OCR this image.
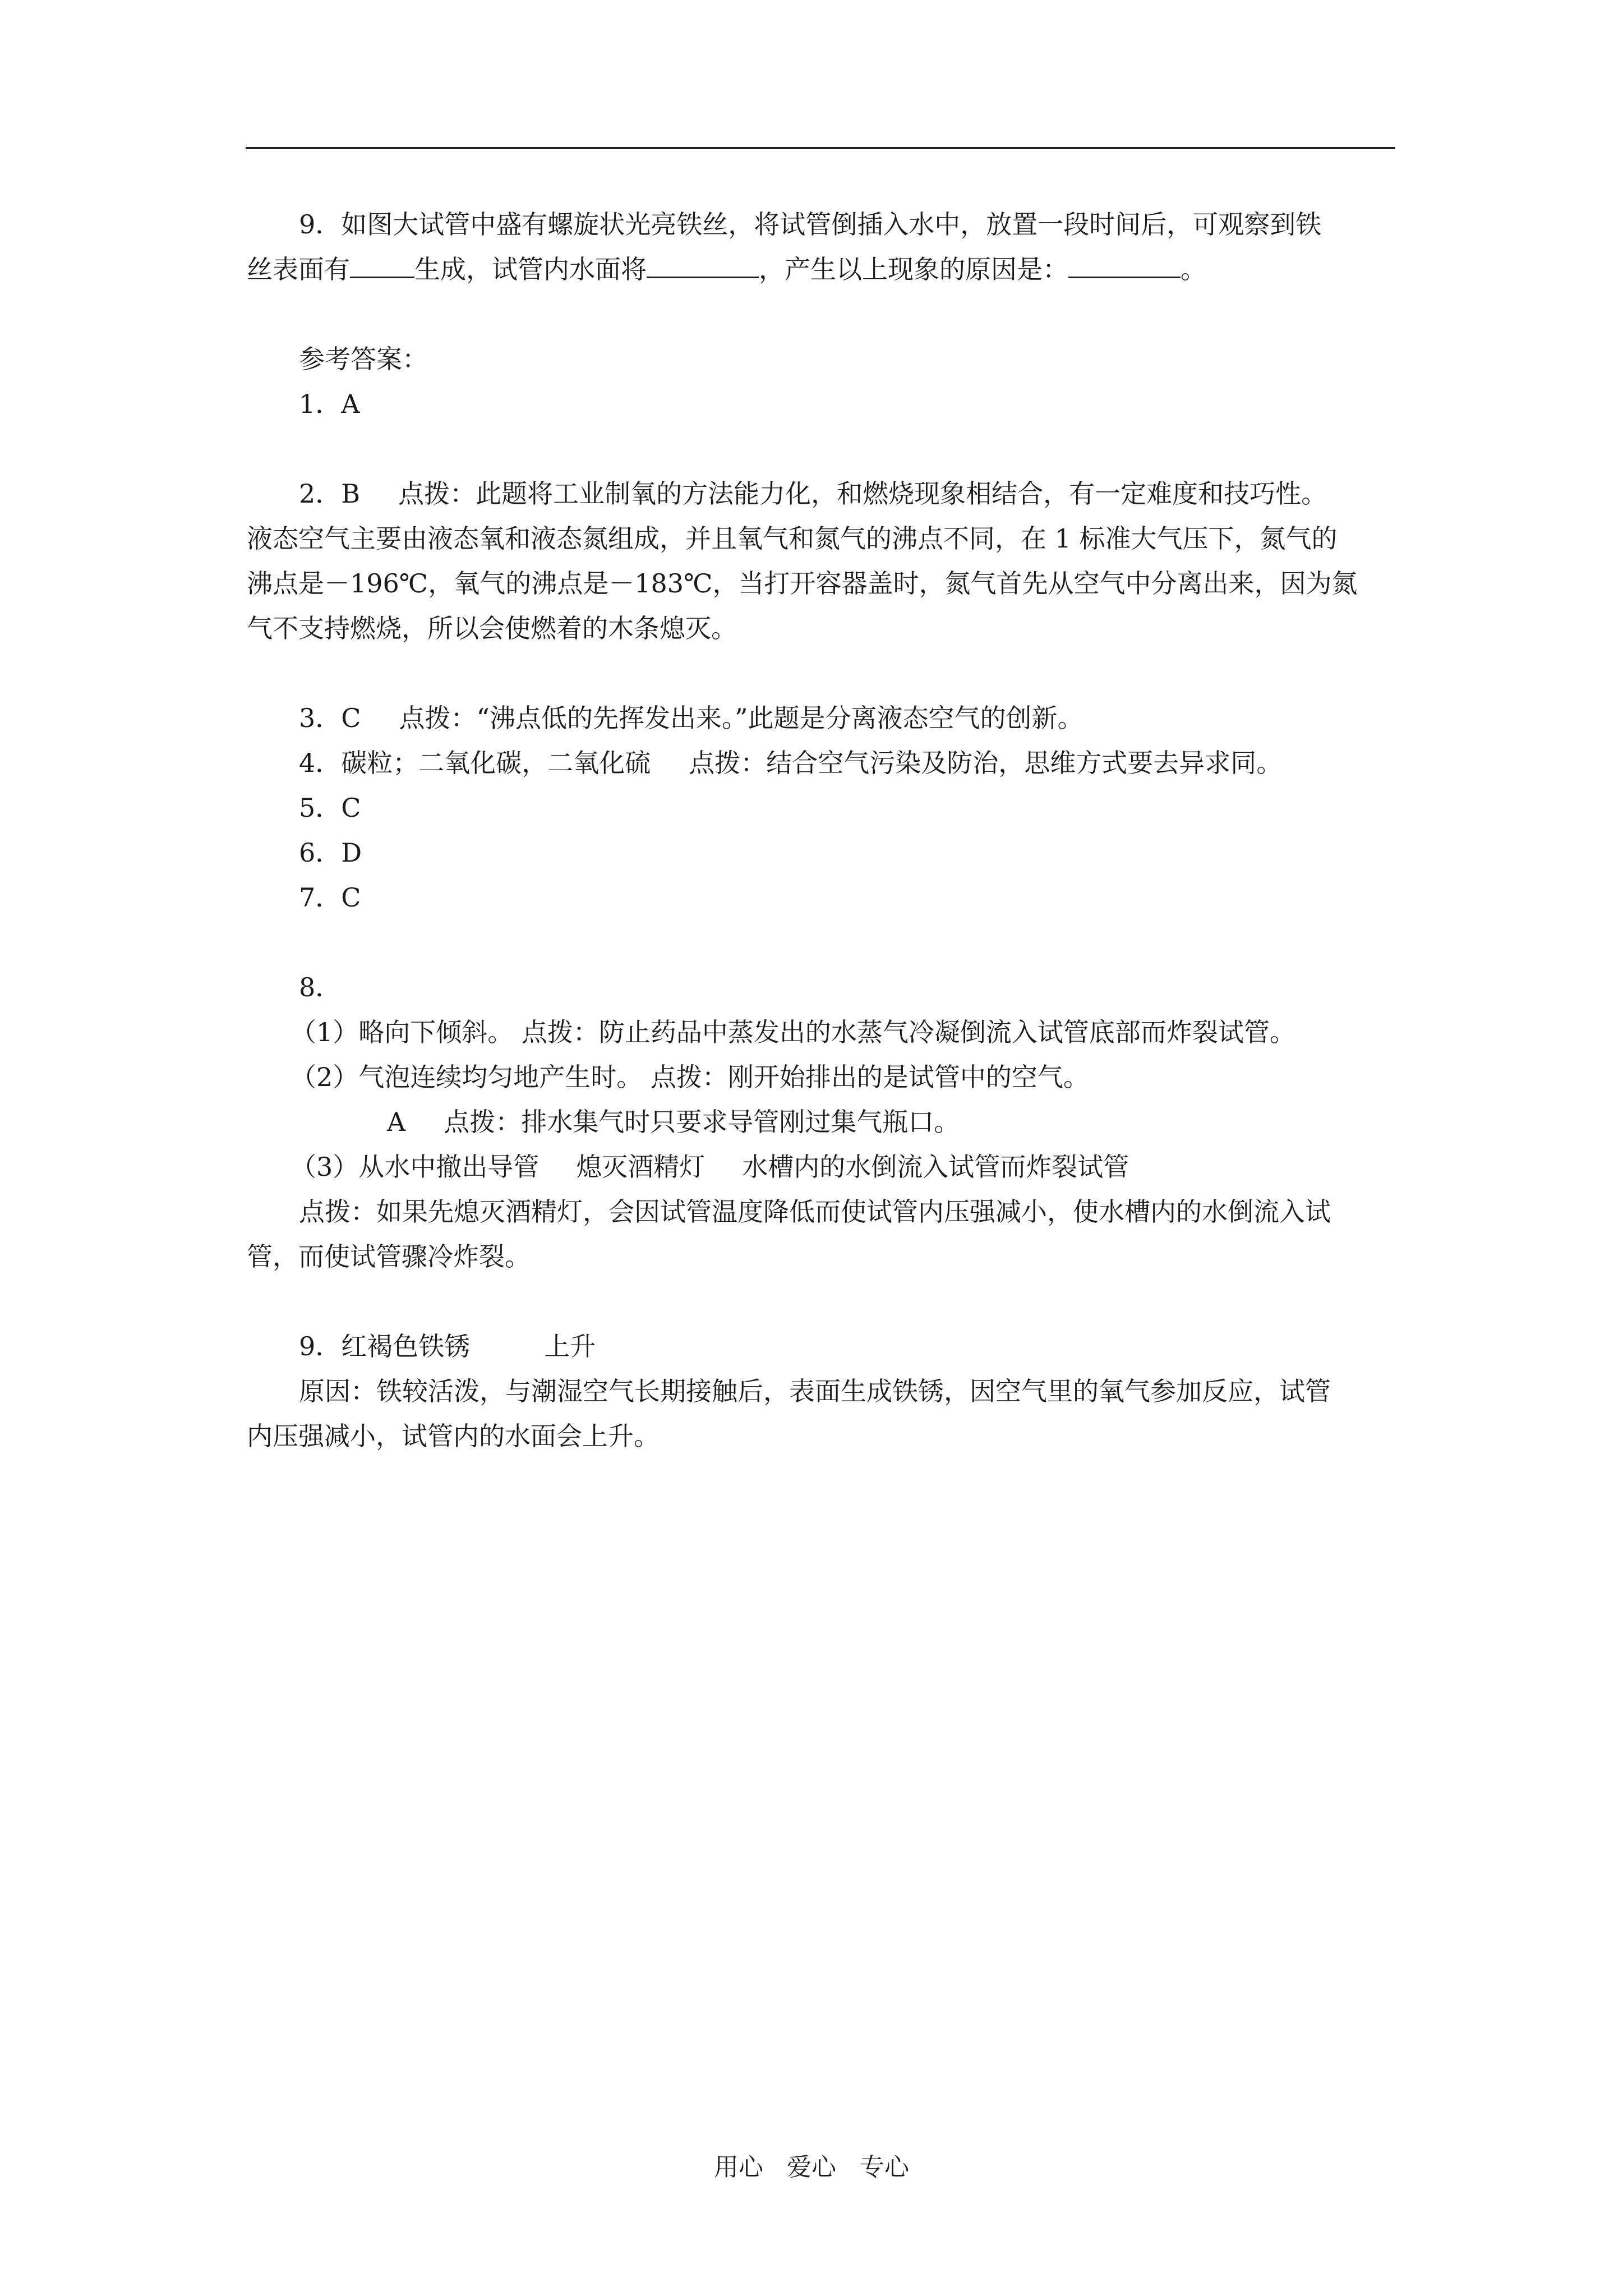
9．如图大试管中盛有螺旋状光亮铁丝，将试管倒插入水中，放置一段时间后，可观察到铁
丝表面有	生成，试管内水面将	，产生以上现象的原因是：	。
参考答案：
1．A
2．B 点拨：此题将工业制氧的方法能力化，和燃烧现象相结合，有一定难度和技巧性。
液态空气主要由液态氧和液态氮组成，并且氧气和氮气的沸点不同，在 1 标准大气压下，氮气的
沸点是－196℃，氧气的沸点是－183℃，当打开容器盖时，氮气首先从空气中分离出来，因为氮
气不支持燃烧，所以会使燃着的木条熄灭。
3．C 点拨：“沸点低的先挥发出来。”此题是分离液态空气的创新。
4．碳粒；二氧化碳，二氧化硫 点拨：结合空气污染及防治，思维方式要去异求同。
5．C
6．D
7．C
8．
（1）略向下倾斜。 点拨：防止药品中蒸发出的水蒸气冷凝倒流入试管底部而炸裂试管。
（2）气泡连续均匀地产生时。 点拨：刚开始排出的是试管中的空气。
A 点拨：排水集气时只要求导管刚过集气瓶口。
（3）从水中撤出导管 熄灭酒精灯 水槽内的水倒流入试管而炸裂试管
点拨：如果先熄灭酒精灯，会因试管温度降低而使试管内压强减小，使水槽内的水倒流入试
管，而使试管骤冷炸裂。
9．红褐色铁锈	上升
原因：铁较活泼，与潮湿空气长期接触后，表面生成铁锈，因空气里的氧气参加反应，试管
内压强减小，试管内的水面会上升。
用心   爱心   专心
